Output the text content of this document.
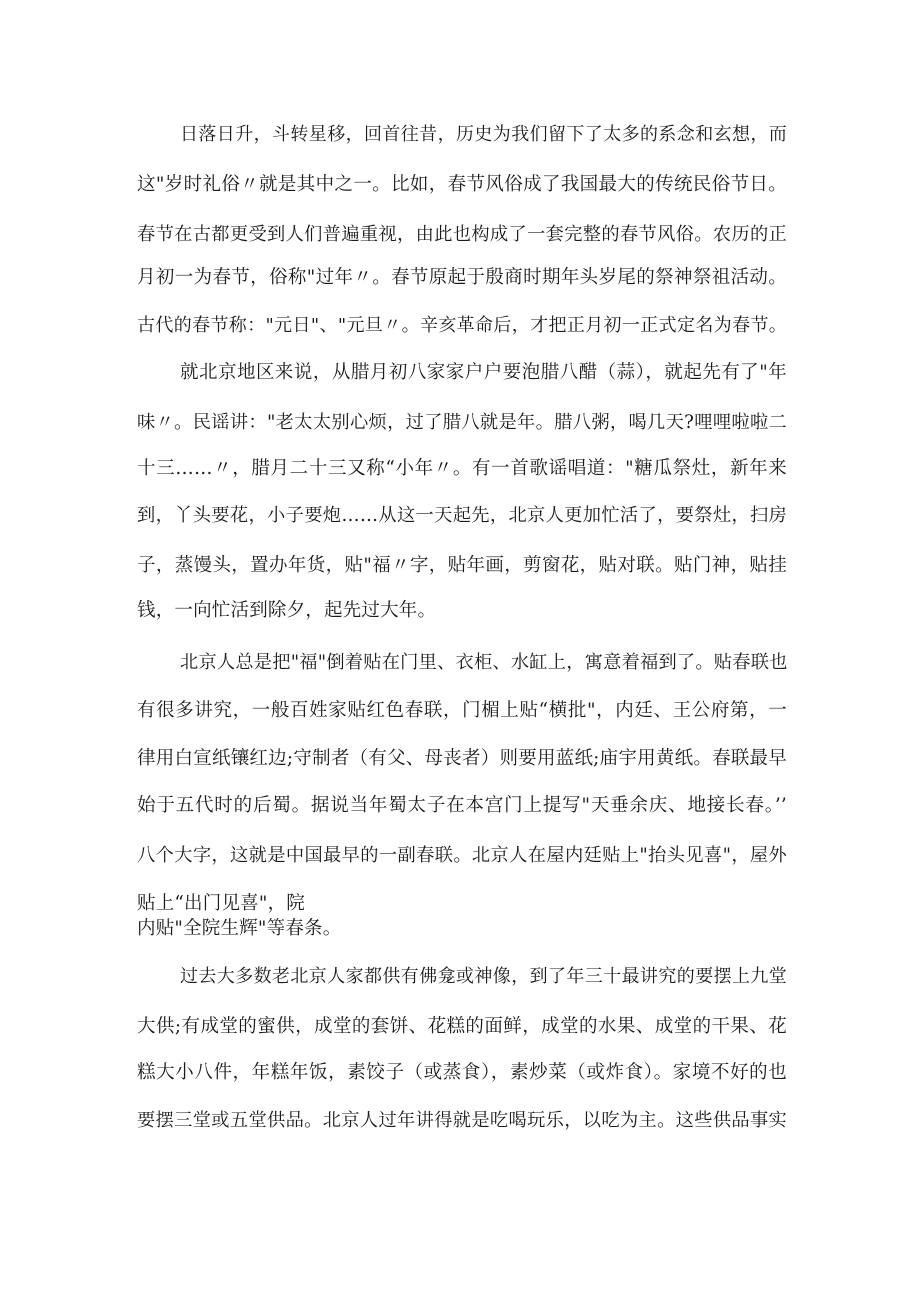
日落日升，斗转星移，回首往昔，历史为我们留下了太多的系念和玄想，而
这"岁时礼俗〃就是其中之一。比如，春节风俗成了我国最大的传统民俗节日。
春节在古都更受到人们普遍重视，由此也构成了一套完整的春节风俗。农历的正
月初一为春节，俗称"过年〃。春节原起于殷商时期年头岁尾的祭神祭祖活动。
古代的春节称："元日"、"元旦〃。辛亥革命后，才把正月初一正式定名为春节。
就北京地区来说，从腊月初八家家户户要泡腊八醋（蒜），就起先有了"年
味〃。民谣讲："老太太别心烦，过了腊八就是年。腊八粥，喝几天?哩哩啦啦二
十三……〃，腊月二十三又称“小年〃。有一首歌谣唱道："糖瓜祭灶，新年来
到，丫头要花，小子要炮……从这一天起先，北京人更加忙活了，要祭灶，扫房
子，蒸馒头，置办年货，贴"福〃字，贴年画，剪窗花，贴对联。贴门神，贴挂
钱，一向忙活到除夕，起先过大年。
北京人总是把"福"倒着贴在门里、衣柜、水缸上，寓意着福到了。贴春联也
有很多讲究，一般百姓家贴红色春联，门楣上贴“横批"，内廷、王公府第，一
律用白宣纸镶红边;守制者（有父、母丧者）则要用蓝纸;庙宇用黄纸。春联最早
始于五代时的后蜀。据说当年蜀太子在本宫门上提写"天垂余庆、地接长春。’’
八个大字，这就是中国最早的一副春联。北京人在屋内廷贴上"抬头见喜"，屋外
贴上“出门见喜"，院
内贴"全院生辉"等春条。
过去大多数老北京人家都供有佛龛或神像，到了年三十最讲究的要摆上九堂
大供;有成堂的蜜供，成堂的套饼、花糕的面鲜，成堂的水果、成堂的干果、花
糕大小八件，年糕年饭，素饺子（或蒸食），素炒菜（或炸食）。家境不好的也
要摆三堂或五堂供品。北京人过年讲得就是吃喝玩乐，以吃为主。这些供品事实
